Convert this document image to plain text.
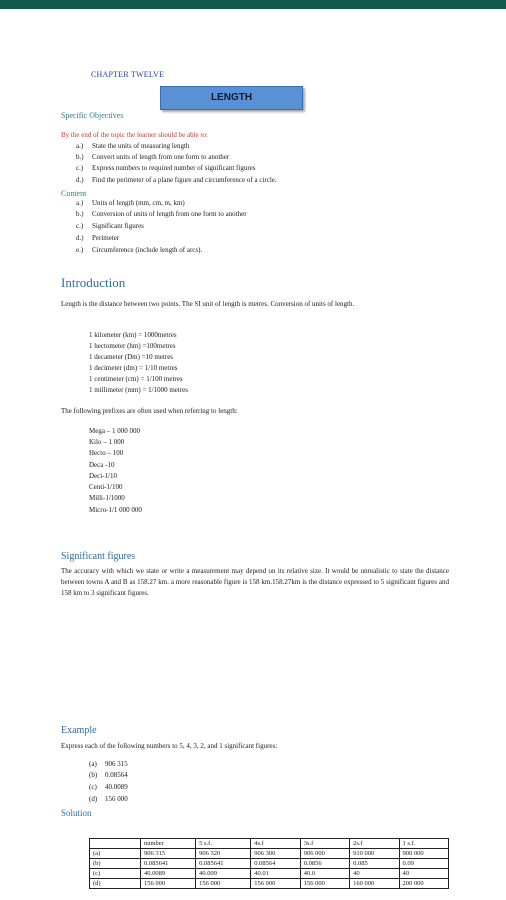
CHAPTER TWELVE
LENGTH
Specific Objectives
By the end of the topic the learner should be able to:
a.) State the units of measuring length
b.) Convert units of length from one form to another
c.) Express numbers to required number of significant figures
d.) Find the perimeter of a plane figure and circumference of a circle.
Content
a.) Units of length (mm, cm, m, km)
b.) Conversion of units of length from one form to another
c.) Significant figures
d.) Perimeter
e.) Circumference (include length of arcs).
Introduction
Length is the distance between two points. The SI unit of length is metres. Conversion of units of length.
1 kilometer (km) = 1000metres
1 hectometer (hm) =100metres
1 decameter (Dm) =10 metres
1 decimeter (dm) = 1/10 metres
1 centimeter (cm) = 1/100 metres
1 millimeter (mm) = 1/1000 metres
The following prefixes are often used when referring to length:
Mega – 1 000 000
Kilo – 1 000
Hecto – 100
Deca -10
Deci-1/10
Centi-1/100
Milli-1/1000
Micro-1/1 000 000
Significant figures
The accuracy with which we state or write a measurement may depend on its relative size. It would be unrealistic to state the distance between towns A and B as 158.27 km. a more reasonable figure is 158 km.158.27km is the distance expressed to 5 significant figures and 158 km to 3 significant figures.
Example
Express each of the following numbers to 5, 4, 3, 2, and 1 significant figures:
(a) 906 315
(b) 0.08564
(c) 40.0089
(d) 156 000
Solution
	number	5 s.f.	4s.f	3s.f	2s.f	1 s.f.
(a)	906 315	906 320	906 300	906 000	910 000	900 000
(b)	0.085641	0.085641	0.08564	0.0856	0.085	0.09
(c)	40.0089	40.009	40.01	40.0	40	40
(d)	156 000	156 000	156 000	156 000	160 000	200 000
